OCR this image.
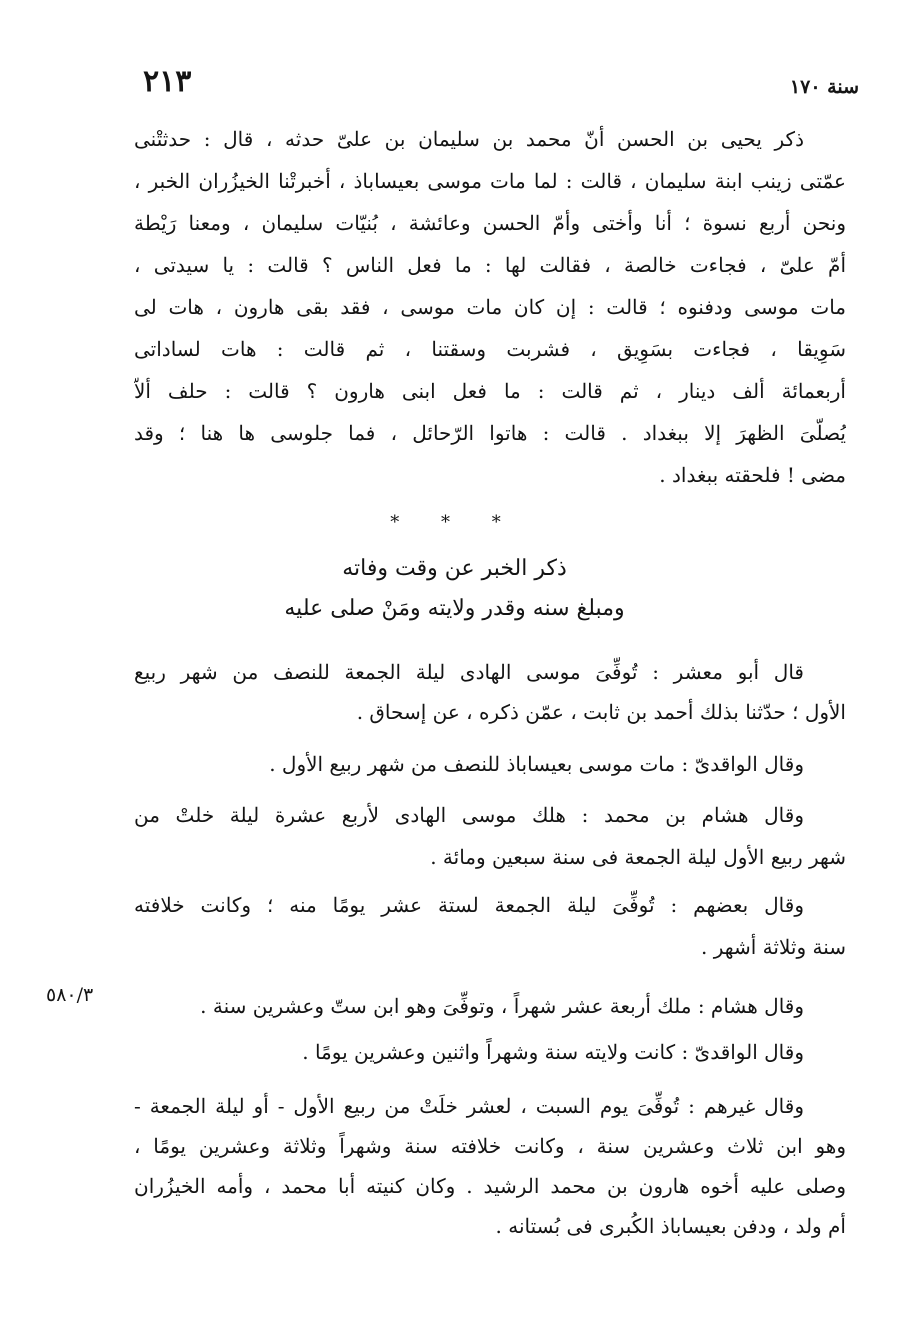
٢١٣	سنة ١٧٠
٥٨٠/٣
ذكر يحيى بن الحسن أنّ محمد بن سليمان بن علىّ حدثه ، قال : حدثتْنى
عمّتى زينب ابنة سليمان ، قالت : لما مات موسى بعيساباذ ، أخبرتْنا الخيزُران الخبر ،
ونحن أربع نسوة ؛ أنا وأختى وأمّ الحسن وعائشة ، بُنيّات سليمان ، ومعنا رَيْطة
أمّ علىّ ، فجاءت خالصة ، فقالت لها : ما فعل الناس ؟ قالت : يا سيدتى ،
مات موسى ودفنوه ؛ قالت : إن كان مات موسى ، فقد بقى هارون ، هات لى
سَوِيقا ، فجاءت بسَوِيق ، فشربت وسقتنا ، ثم قالت : هات لساداتى
أربعمائة ألف دينار ، ثم قالت : ما فعل ابنى هارون ؟ قالت : حلف ألاّ
يُصلّىَ الظهرَ إلا ببغداد . قالت : هاتوا الرّحائل ، فما جلوسى ها هنا ؛ وقد
مضى ! فلحقته ببغداد .
قال أبو معشر : تُوفِّىَ موسى الهادى ليلة الجمعة للنصف من شهر ربيع
الأول ؛ حدّثنا بذلك أحمد بن ثابت ، عمّن ذكره ، عن إسحاق .
وقال الواقدىّ : مات موسى بعيساباذ للنصف من شهر ربيع الأول .
وقال هشام بن محمد : هلك موسى الهادى لأربع عشرة ليلة خلتْ من
شهر ربيع الأول ليلة الجمعة فى سنة سبعين ومائة .
وقال بعضهم : تُوفِّىَ ليلة الجمعة لستة عشر يومًا منه ؛ وكانت خلافته
سنة وثلاثة أشهر .
وقال هشام : ملك أربعة عشر شهراً ، وتوفِّىَ وهو ابن ستّ وعشرين سنة .
وقال الواقدىّ : كانت ولايته سنة وشهراً واثنين وعشرين يومًا .
وقال غيرهم : تُوفِّىَ يوم السبت ، لعشر خلَتْ من ربيع الأول - أو ليلة الجمعة -
وهو ابن ثلاث وعشرين سنة ، وكانت خلافته سنة وشهراً وثلاثة وعشرين يومًا ،
وصلى عليه أخوه هارون بن محمد الرشيد . وكان كنيته أبا محمد ، وأمه الخيزُران
أم ولد ، ودفن بعيساباذ الكُبرى فى بُستانه .
* * *
ذكر الخبر عن وقت وفاته
ومبلغ سنه وقدر ولايته ومَنْ صلى عليه
